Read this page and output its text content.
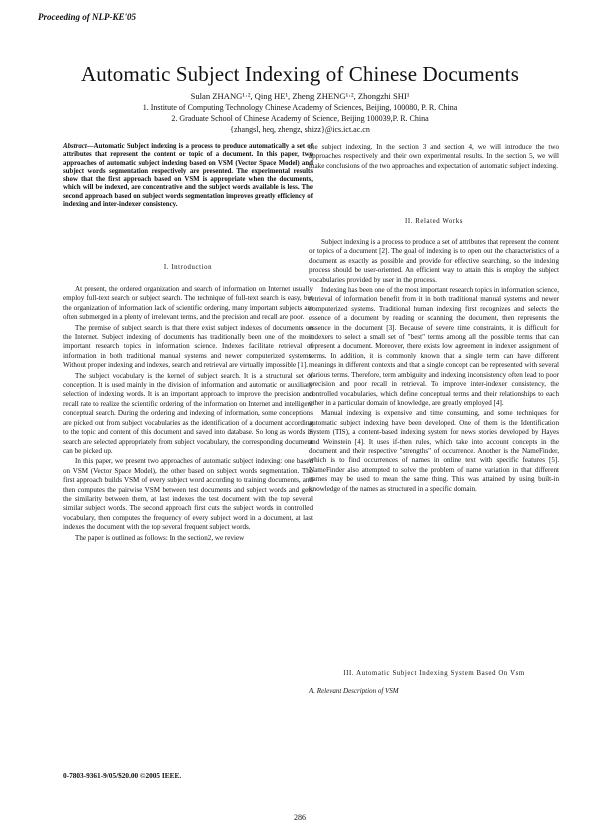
Proceeding of NLP-KE'05
Automatic Subject Indexing of Chinese Documents
Sulan ZHANG¹·², Qing HE¹, Zheng ZHENG¹·², Zhongzhi SHI¹
1. Institute of Computing Technology Chinese Academy of Sciences, Beijing, 100080, P. R. China
2. Graduate School of Chinese Academy of Science, Beijing 100039,P. R. China
{zhangsl, heq, zhengz, shizz}@ics.ict.ac.cn

Abstract—Automatic Subject indexing is a process to produce automatically a set of attributes that represent the content or topic of a document. In this paper, two approaches of automatic subject indexing based on VSM (Vector Space Model) and subject words segmentation respectively are presented. The experimental results show that the first approach based on VSM is appropriate when the documents, which will be indexed, are concentrative and the subject words available is less. The second approach based on subject words segmentation improves greatly efficiency of indexing and inter-indexer consistency.

I. Introduction

At present, the ordered organization and search of information on Internet usually employ full-text search or subject search. The technique of full-text search is easy, but the organization of information lack of scientific ordering, many important subjects are often submerged in a plenty of irrelevant terms, and the precision and recall are poor.

The premise of subject search is that there exist subject indexes of documents on the Internet. Subject indexing of documents has traditionally been one of the most important research topics in information science. Indexes facilitate retrieval of information in both traditional manual systems and newer computerized systems. Without proper indexing and indexes, search and retrieval are virtually impossible [1].

The subject vocabulary is the kernel of subject search. It is a structural set of conception. It is used mainly in the division of information and automatic or auxiliary selection of indexing words. It is an important approach to improve the precision and recall rate to realize the scientific ordering of the information on Internet and intelligent conceptual search. During the ordering and indexing of information, some conceptions are picked out from subject vocabularies as the identification of a document according to the topic and content of this document and saved into database. So long as words in search are selected appropriately from subject vocabulary, the corresponding document can be picked up.

In this paper, we present two approaches of automatic subject indexing: one based on VSM (Vector Space Model), the other based on subject words segmentation. The first approach builds VSM of every subject word according to training documents, and then computes the pairwise VSM between test documents and subject words and gets the similarity between them, at last indexes the test document with the top several similar subject words. The second approach first cuts the subject words in controlled vocabulary, then computes the frequency of every subject word in a document, at last indexes the document with the top several frequent subject words.

The paper is outlined as follows: In the section2, we review

the subject indexing. In the section 3 and section 4, we will introduce the two approaches respectively and their own experimental results. In the section 5, we will make conclusions of the two approaches and expectation of automatic subject indexing.

II. Related Works

Subject indexing is a process to produce a set of attributes that represent the content or topics of a document [2]. The goal of indexing is to open out the characteristics of a document as exactly as possible and provide for effective searching, so the indexing process should be user-oriented. An efficient way to attain this is employ the subject vocabularies provided by user in the process.

Indexing has been one of the most important research topics in information science, retrieval of information benefit from it in both traditional manual systems and newer computerized systems. Traditional human indexing first recognizes and selects the essence of a document by reading or scanning the document, then represents the essence in the document [3]. Because of severe time constraints, it is difficult for indexers to select a small set of "best" terms among all the possible terms that can represent a document. Moreover, there exists low agreement in indexer assignment of terms. In addition, it is commonly known that a single term can have different meanings in different contexts and that a single concept can be represented with several various terms. Therefore, term ambiguity and indexing inconsistency often lead to poor precision and poor recall in retrieval. To improve inter-indexer consistency, the controlled vocabularies, which define conceptual terms and their relationships to each other in a particular domain of knowledge, are greatly employed [4].

Manual indexing is expensive and time consuming, and some techniques for automatic subject indexing have been developed. One of them is the Identification System (TIS), a content-based indexing system for news stories developed by Hayes and Weinstein [4]. It uses if-then rules, which take into account concepts in the document and their respective "strengths" of occurrence. Another is the NameFinder, which is to find occurrences of names in online text with specific features [5]. NameFinder also attempted to solve the problem of name variation in that different names may be used to mean the same thing. This was attained by using built-in knowledge of the names as structured in a specific domain.

III. Automatic Subject Indexing System Based On Vsm
A. Relevant Description of VSM
0-7803-9361-9/05/$20.00 ©2005 IEEE.
286
